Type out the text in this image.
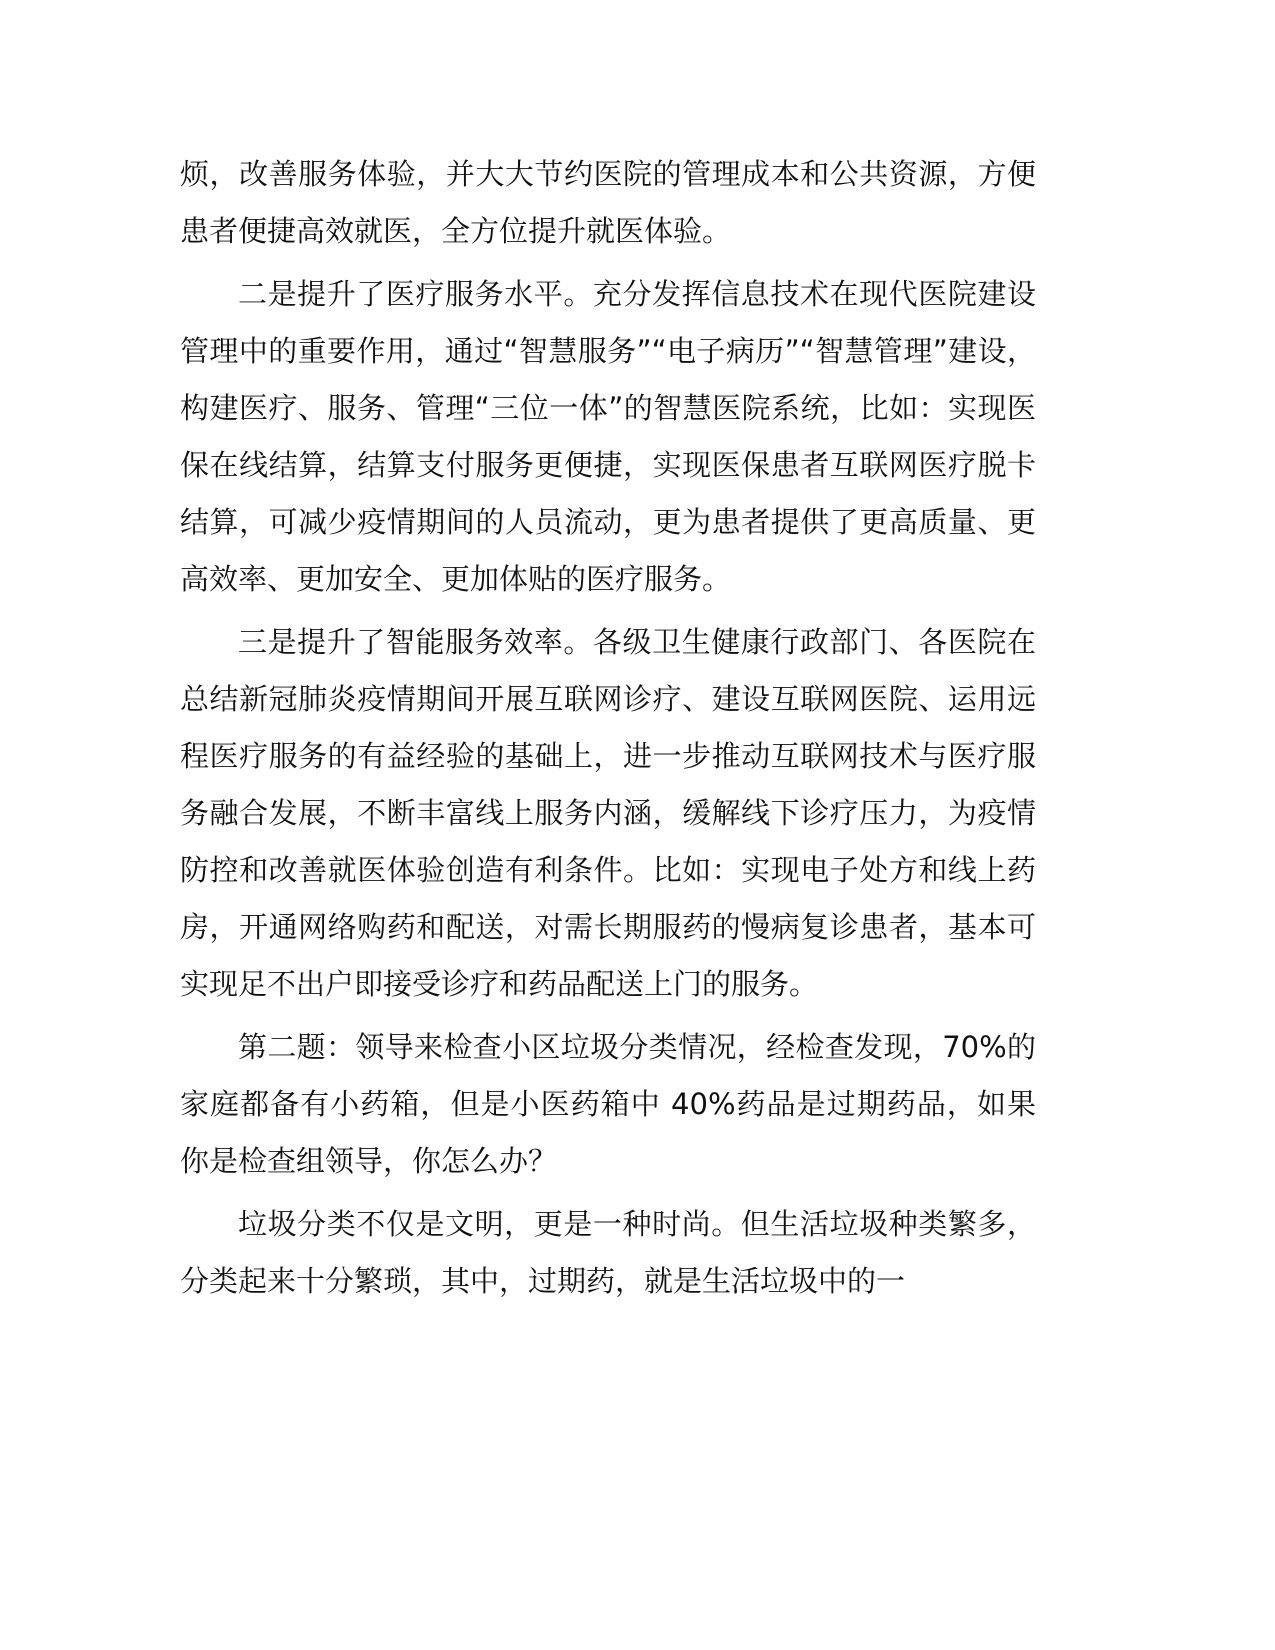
烦，改善服务体验，并大大节约医院的管理成本和公共资源，方便患者便捷高效就医，全方位提升就医体验。

二是提升了医疗服务水平。充分发挥信息技术在现代医院建设管理中的重要作用，通过“智慧服务”“电子病历”“智慧管理”建设，构建医疗、服务、管理“三位一体”的智慧医院系统，比如：实现医保在线结算，结算支付服务更便捷，实现医保患者互联网医疗脱卡结算，可减少疫情期间的人员流动，更为患者提供了更高质量、更高效率、更加安全、更加体贴的医疗服务。

三是提升了智能服务效率。各级卫生健康行政部门、各医院在总结新冠肺炎疫情期间开展互联网诊疗、建设互联网医院、运用远程医疗服务的有益经验的基础上，进一步推动互联网技术与医疗服务融合发展，不断丰富线上服务内涵，缓解线下诊疗压力，为疫情防控和改善就医体验创造有利条件。比如：实现电子处方和线上药房，开通网络购药和配送，对需长期服药的慢病复诊患者，基本可实现足不出户即接受诊疗和药品配送上门的服务。

第二题：领导来检查小区垃圾分类情况，经检查发现，70%的家庭都备有小药箱，但是小医药箱中 40%药品是过期药品，如果你是检查组领导，你怎么办？

垃圾分类不仅是文明，更是一种时尚。但生活垃圾种类繁多，分类起来十分繁琐，其中，过期药，就是生活垃圾中的一
